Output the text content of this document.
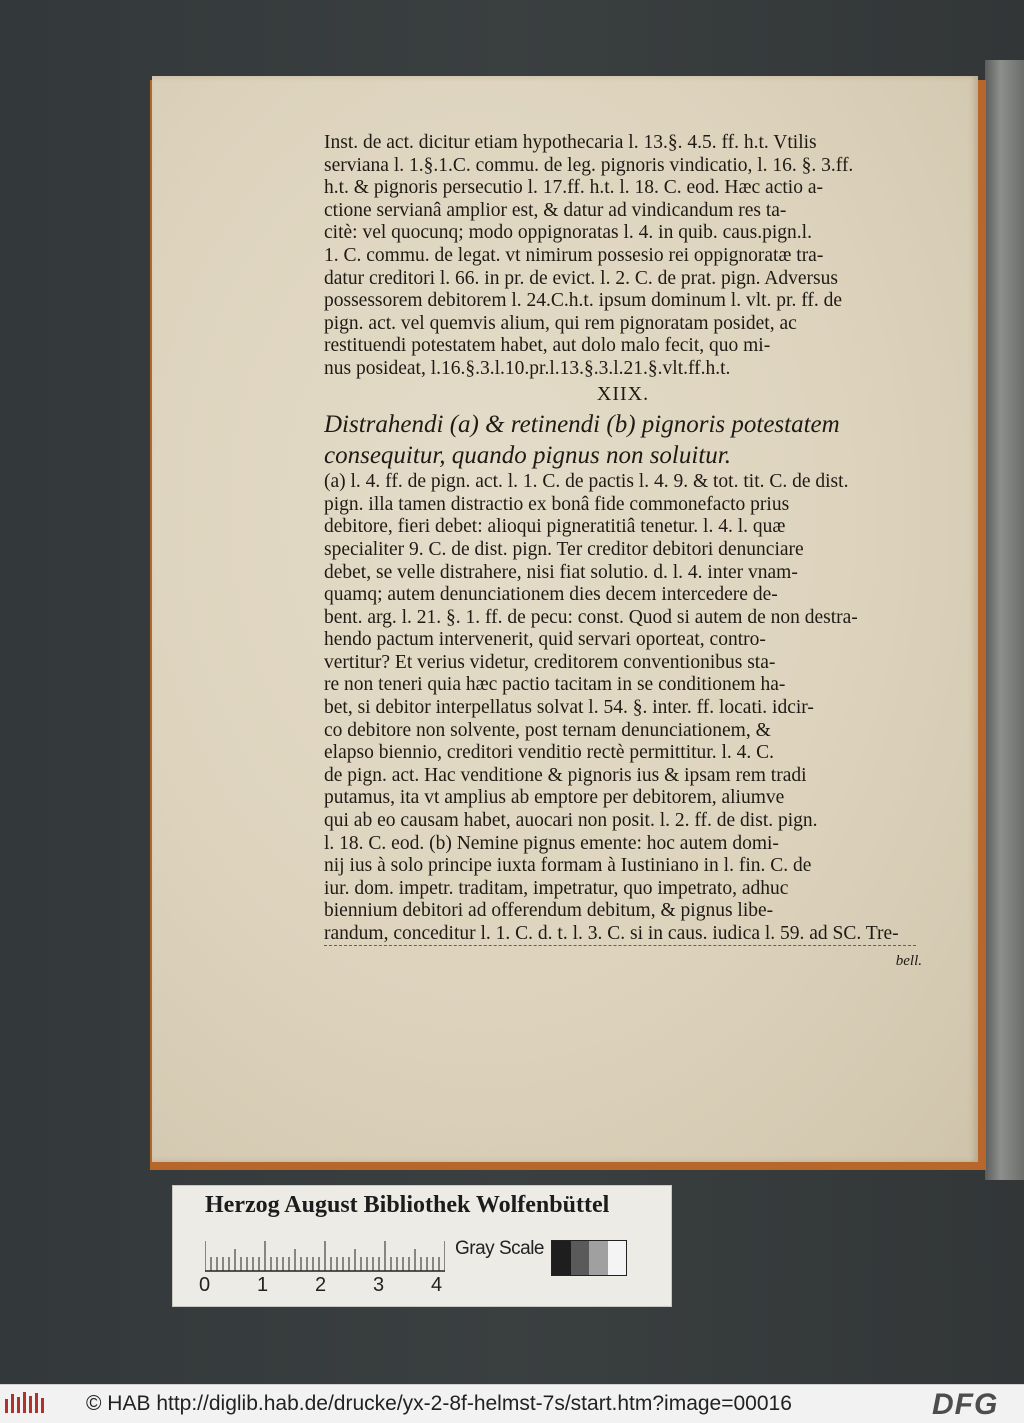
Inst. de act. dicitur etiam hypothecaria l. 13.§. 4.5. ff. h.t. Vtilis
serviana l. 1.§.1.C. commu. de leg. pignoris vindicatio, l. 16. §. 3.ff.
h.t. & pignoris persecutio l. 17.ff. h.t. l. 18. C. eod. Hæc actio a-
ctione servianâ amplior est, & datur ad vindicandum res ta-
citè: vel quocunq; modo oppignoratas l. 4. in quib. caus.pign.l.
1. C. commu. de legat. vt nimirum possesio rei oppignoratæ tra-
datur creditori l. 66. in pr. de evict. l. 2. C. de prat. pign. Adversus
possessorem debitorem l. 24.C.h.t. ipsum dominum l. vlt. pr. ff. de
pign. act. vel quemvis alium, qui rem pignoratam posidet, ac
restituendi potestatem habet, aut dolo malo fecit, quo mi-
nus posideat, l.16.§.3.l.10.pr.l.13.§.3.l.21.§.vlt.ff.h.t.
XIIX.
Distrahendi (a) & retinendi (b) pignoris potestatem
consequitur, quando pignus non soluitur.
(a) l. 4. ff. de pign. act. l. 1. C. de pactis l. 4. 9. & tot. tit. C. de dist.
pign. illa tamen distractio ex bonâ fide commonefacto prius
debitore, fieri debet: alioqui pigneratitiâ tenetur. l. 4. l. quæ
specialiter 9. C. de dist. pign. Ter creditor debitori denunciare
debet, se velle distrahere, nisi fiat solutio. d. l. 4. inter vnam-
quamq; autem denunciationem dies decem intercedere de-
bent. arg. l. 21. §. 1. ff. de pecu: const. Quod si autem de non destra-
hendo pactum intervenerit, quid servari oporteat, contro-
vertitur? Et verius videtur, creditorem conventionibus sta-
re non teneri quia hæc pactio tacitam in se conditionem ha-
bet, si debitor interpellatus solvat l. 54. §. inter. ff. locati. idcir-
co debitore non solvente, post ternam denunciationem, &
elapso biennio, creditori venditio rectè permittitur. l. 4. C.
de pign. act. Hac venditione & pignoris ius & ipsam rem tradi
putamus, ita vt amplius ab emptore per debitorem, aliumve
qui ab eo causam habet, auocari non posit. l. 2. ff. de dist. pign.
l. 18. C. eod. (b) Nemine pignus emente: hoc autem domi-
nij ius à solo principe iuxta formam à Iustiniano in l. fin. C. de
iur. dom. impetr. traditam, impetratur, quo impetrato, adhuc
biennium debitori ad offerendum debitum, & pignus libe-
randum, conceditur l. 1. C. d. t. l. 3. C. si in caus. iudica l. 59. ad SC. Tre-
bell.
Herzog August Bibliothek Wolfenbüttel
0 1 2 3 4
Gray Scale
© HAB http://diglib.hab.de/drucke/yx-2-8f-helmst-7s/start.htm?image=00016	DFG
